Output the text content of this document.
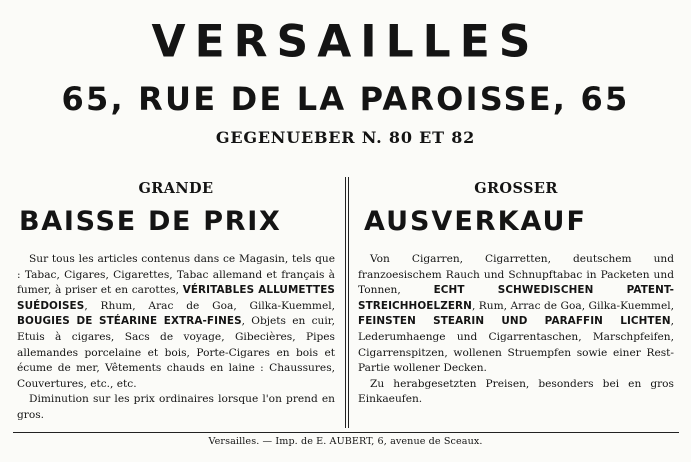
VERSAILLES
65, RUE DE LA PAROISSE, 65
GEGENUEBER N. 80 ET 82
GRANDE
BAISSE DE PRIX

Sur tous les articles contenus dans ce Magasin, tels que : Tabac, Cigares, Cigarettes, Tabac allemand et français à fumer, à priser et en carottes, VÉRITABLES ALLUMETTES SUÉDOISES, Rhum, Arac de Goa, Gilka-Kuemmel, BOUGIES DE STÉARINE EXTRA-FINES, Objets en cuir, Etuis à cigares, Sacs de voyage, Gibecières, Pipes allemandes porcelaine et bois, Porte-Cigares en bois et écume de mer, Vêtements chauds en laine : Chaussures, Couvertures, etc., etc.

Diminution sur les prix ordinaires lorsque l'on prend en gros.

GROSSER
AUSVERKAUF

Von Cigarren, Cigarretten, deutschem und franzoesischem Rauch und Schnupftabac in Packeten und Tonnen, ECHT SCHWEDISCHEN PATENT-STREICHHOELZERN, Rum, Arrac de Goa, Gilka-Kuemmel, FEINSTEN STEARIN UND PARAFFIN LICHTEN, Lederumhaenge und Cigarrentaschen, Marschpfeifen, Cigarrenspitzen, wollenen Struempfen sowie einer Rest-Partie wollener Decken.

Zu herabgesetzten Preisen, besonders bei en gros Einkaeufen.

Versailles. — Imp. de E. AUBERT, 6, avenue de Sceaux.
